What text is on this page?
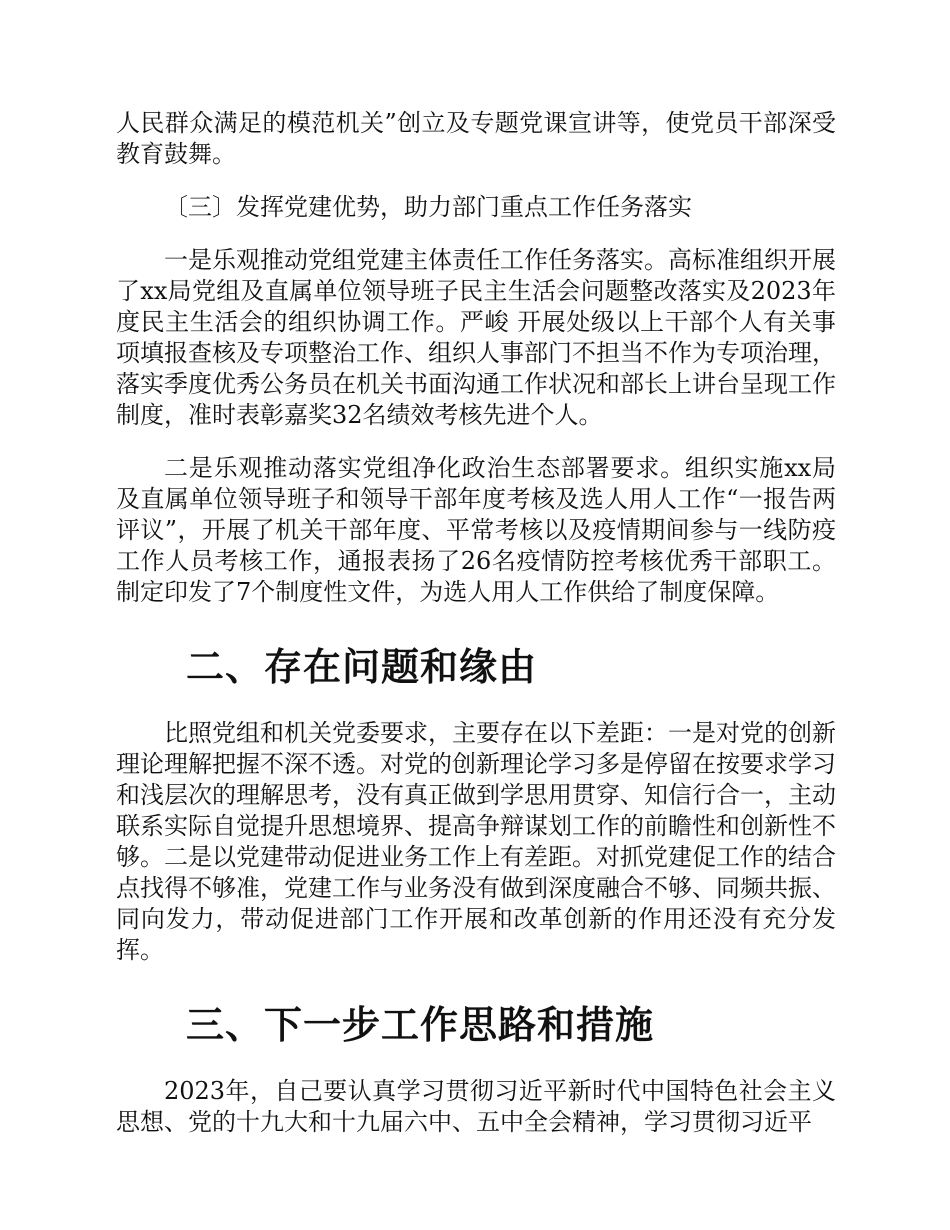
人民群众满足的模范机关”创立及专题党课宣讲等，使党员干部深受教育鼓舞。

〔三〕发挥党建优势，助力部门重点工作任务落实

一是乐观推动党组党建主体责任工作任务落实。高标准组织开展了xx局党组及直属单位领导班子民主生活会问题整改落实及2023年度民主生活会的组织协调工作。严峻 开展处级以上干部个人有关事项填报查核及专项整治工作、组织人事部门不担当不作为专项治理，落实季度优秀公务员在机关书面沟通工作状况和部长上讲台呈现工作制度，准时表彰嘉奖32名绩效考核先进个人。

二是乐观推动落实党组净化政治生态部署要求。组织实施xx局及直属单位领导班子和领导干部年度考核及选人用人工作“一报告两评议”，开展了机关干部年度、平常考核以及疫情期间参与一线防疫工作人员考核工作，通报表扬了26名疫情防控考核优秀干部职工。制定印发了7个制度性文件，为选人用人工作供给了制度保障。

二、存在问题和缘由

比照党组和机关党委要求，主要存在以下差距：一是对党的创新理论理解把握不深不透。对党的创新理论学习多是停留在按要求学习和浅层次的理解思考，没有真正做到学思用贯穿、知信行合一，主动联系实际自觉提升思想境界、提高争辩谋划工作的前瞻性和创新性不够。二是以党建带动促进业务工作上有差距。对抓党建促工作的结合点找得不够准，党建工作与业务没有做到深度融合不够、同频共振、同向发力，带动促进部门工作开展和改革创新的作用还没有充分发挥。

三、下一步工作思路和措施

2023年，自己要认真学习贯彻习近平新时代中国特色社会主义思想、党的十九大和十九届六中、五中全会精神，学习贯彻习近平
